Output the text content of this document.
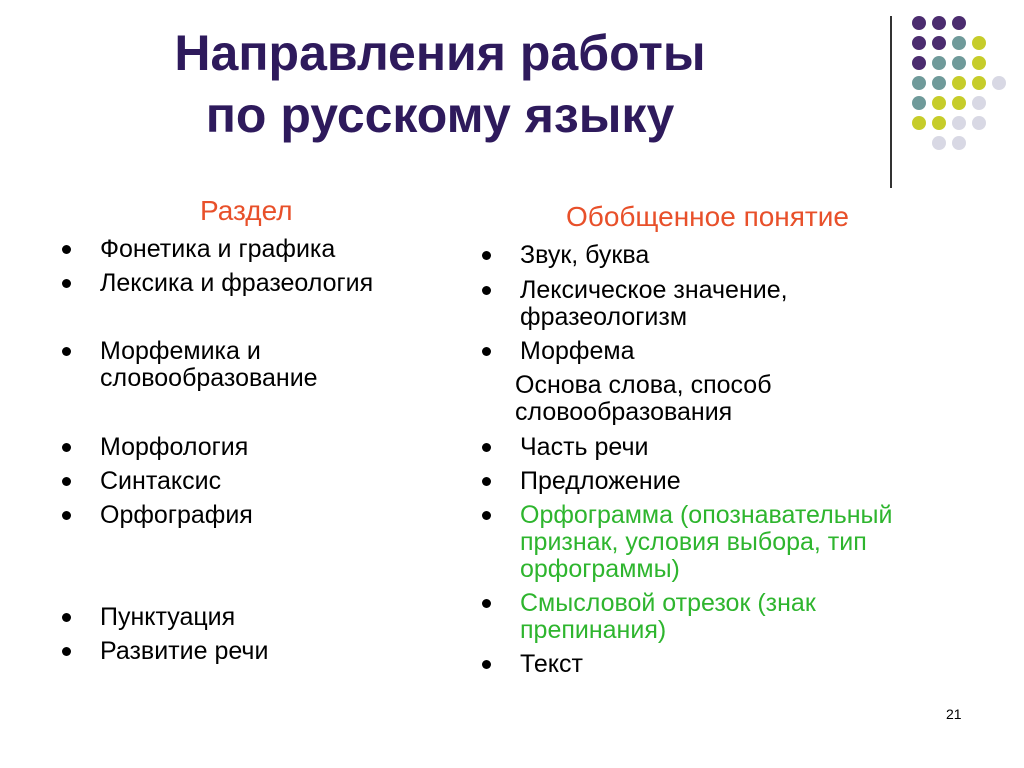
Направления работы
по русскому языку
Раздел	Обобщенное понятие
Фонетика и графика
Лексика и фразеология
Морфемика и
словообразование
Морфология
Синтаксис
Орфография
Пунктуация
Развитие речи
Звук, буква
Лексическое значение,
фразеологизм
Морфема
Основа слова, способ
словообразования
Часть речи
Предложение
Орфограмма (опознавательный
признак, условия выбора, тип
орфограммы)
Смысловой отрезок (знак
препинания)
Текст
21
